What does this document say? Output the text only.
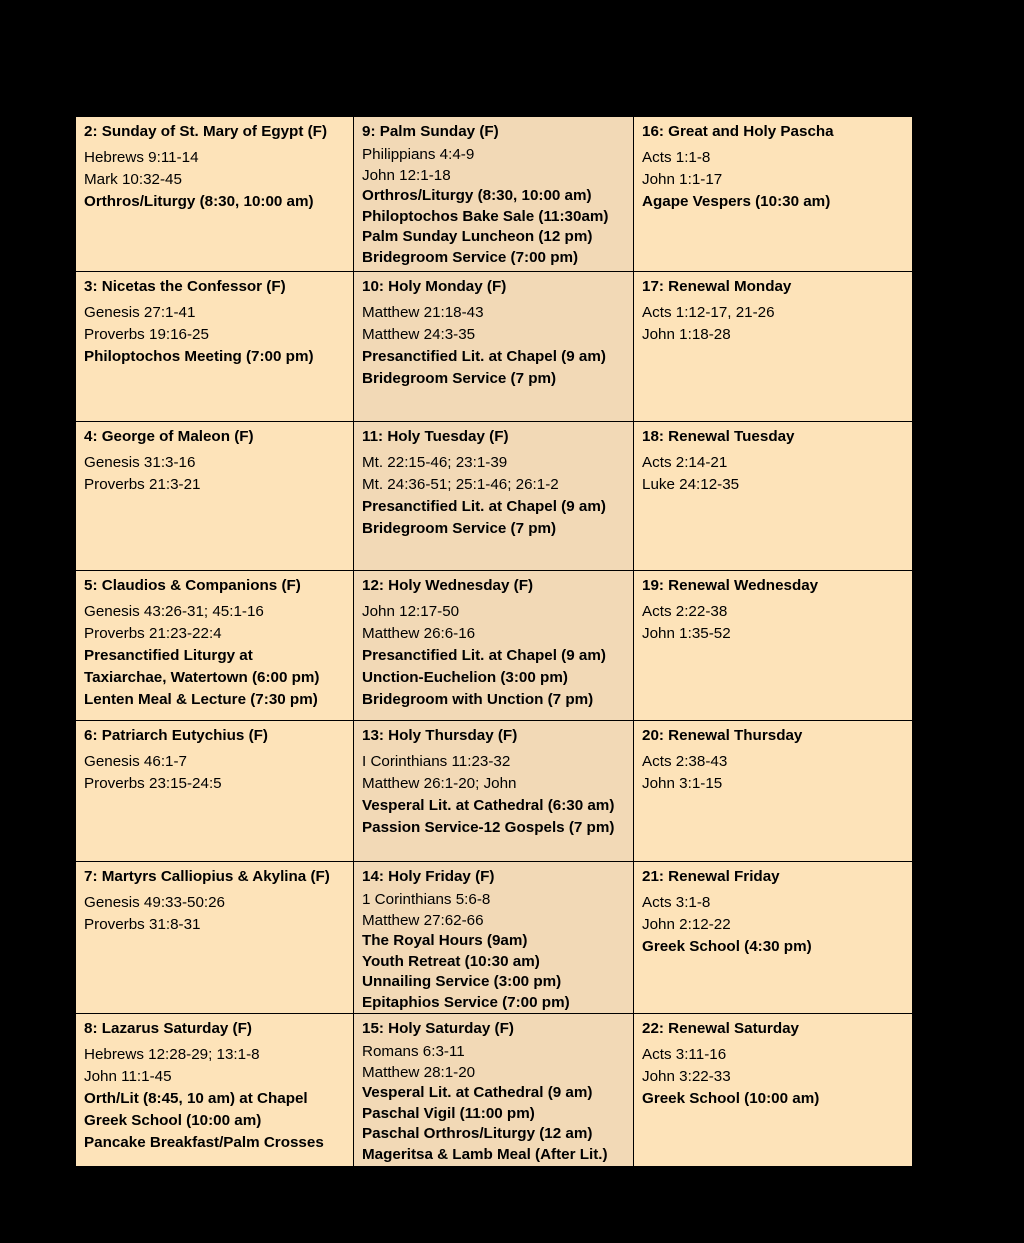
2: Sunday of St. Mary of Egypt (F)
Hebrews 9:11-14
Mark 10:32-45
Orthros/Liturgy (8:30, 10:00 am)
9: Palm Sunday (F)
Philippians 4:4-9
John 12:1-18
Orthros/Liturgy (8:30, 10:00 am)
Philoptochos Bake Sale (11:30am)
Palm Sunday Luncheon (12 pm)
Bridegroom Service (7:00 pm)
16: Great and Holy Pascha
Acts 1:1-8
John 1:1-17
Agape Vespers (10:30 am)
3: Nicetas the Confessor (F)
Genesis 27:1-41
Proverbs 19:16-25
Philoptochos Meeting (7:00 pm)
10: Holy Monday (F)
Matthew 21:18-43
Matthew 24:3-35
Presanctified Lit. at Chapel (9 am)
Bridegroom Service (7 pm)
17: Renewal Monday
Acts 1:12-17, 21-26
John 1:18-28
4: George of Maleon (F)
Genesis 31:3-16
Proverbs 21:3-21
11: Holy Tuesday (F)
Mt. 22:15-46; 23:1-39
Mt. 24:36-51; 25:1-46; 26:1-2
Presanctified Lit. at Chapel (9 am)
Bridegroom Service (7 pm)
18: Renewal Tuesday
Acts 2:14-21
Luke 24:12-35
5: Claudios & Companions (F)
Genesis 43:26-31; 45:1-16
Proverbs 21:23-22:4
Presanctified Liturgy at
Taxiarchae, Watertown (6:00 pm)
Lenten Meal & Lecture (7:30 pm)
12: Holy Wednesday (F)
John 12:17-50
Matthew 26:6-16
Presanctified Lit. at Chapel (9 am)
Unction-Euchelion (3:00 pm)
Bridegroom with Unction (7 pm)
19: Renewal Wednesday
Acts 2:22-38
John 1:35-52
6: Patriarch Eutychius (F)
Genesis 46:1-7
Proverbs 23:15-24:5
13: Holy Thursday (F)
I Corinthians 11:23-32
Matthew 26:1-20; John
Vesperal Lit. at Cathedral (6:30 am)
Passion Service-12 Gospels (7 pm)
20: Renewal Thursday
Acts 2:38-43
John 3:1-15
7: Martyrs Calliopius & Akylina (F)
Genesis 49:33-50:26
Proverbs 31:8-31
14: Holy Friday (F)
1 Corinthians 5:6-8
Matthew 27:62-66
The Royal Hours (9am)
Youth Retreat (10:30 am)
Unnailing Service (3:00 pm)
Epitaphios Service (7:00 pm)
21: Renewal Friday
Acts 3:1-8
John 2:12-22
Greek School (4:30 pm)
8: Lazarus Saturday (F)
Hebrews 12:28-29; 13:1-8
John 11:1-45
Orth/Lit (8:45, 10 am) at Chapel
Greek School (10:00 am)
Pancake Breakfast/Palm Crosses
15: Holy Saturday (F)
Romans 6:3-11
Matthew 28:1-20
Vesperal Lit. at Cathedral (9 am)
Paschal Vigil (11:00 pm)
Paschal Orthros/Liturgy (12 am)
Mageritsa & Lamb Meal (After Lit.)
22: Renewal Saturday
Acts 3:11-16
John 3:22-33
Greek School (10:00 am)
